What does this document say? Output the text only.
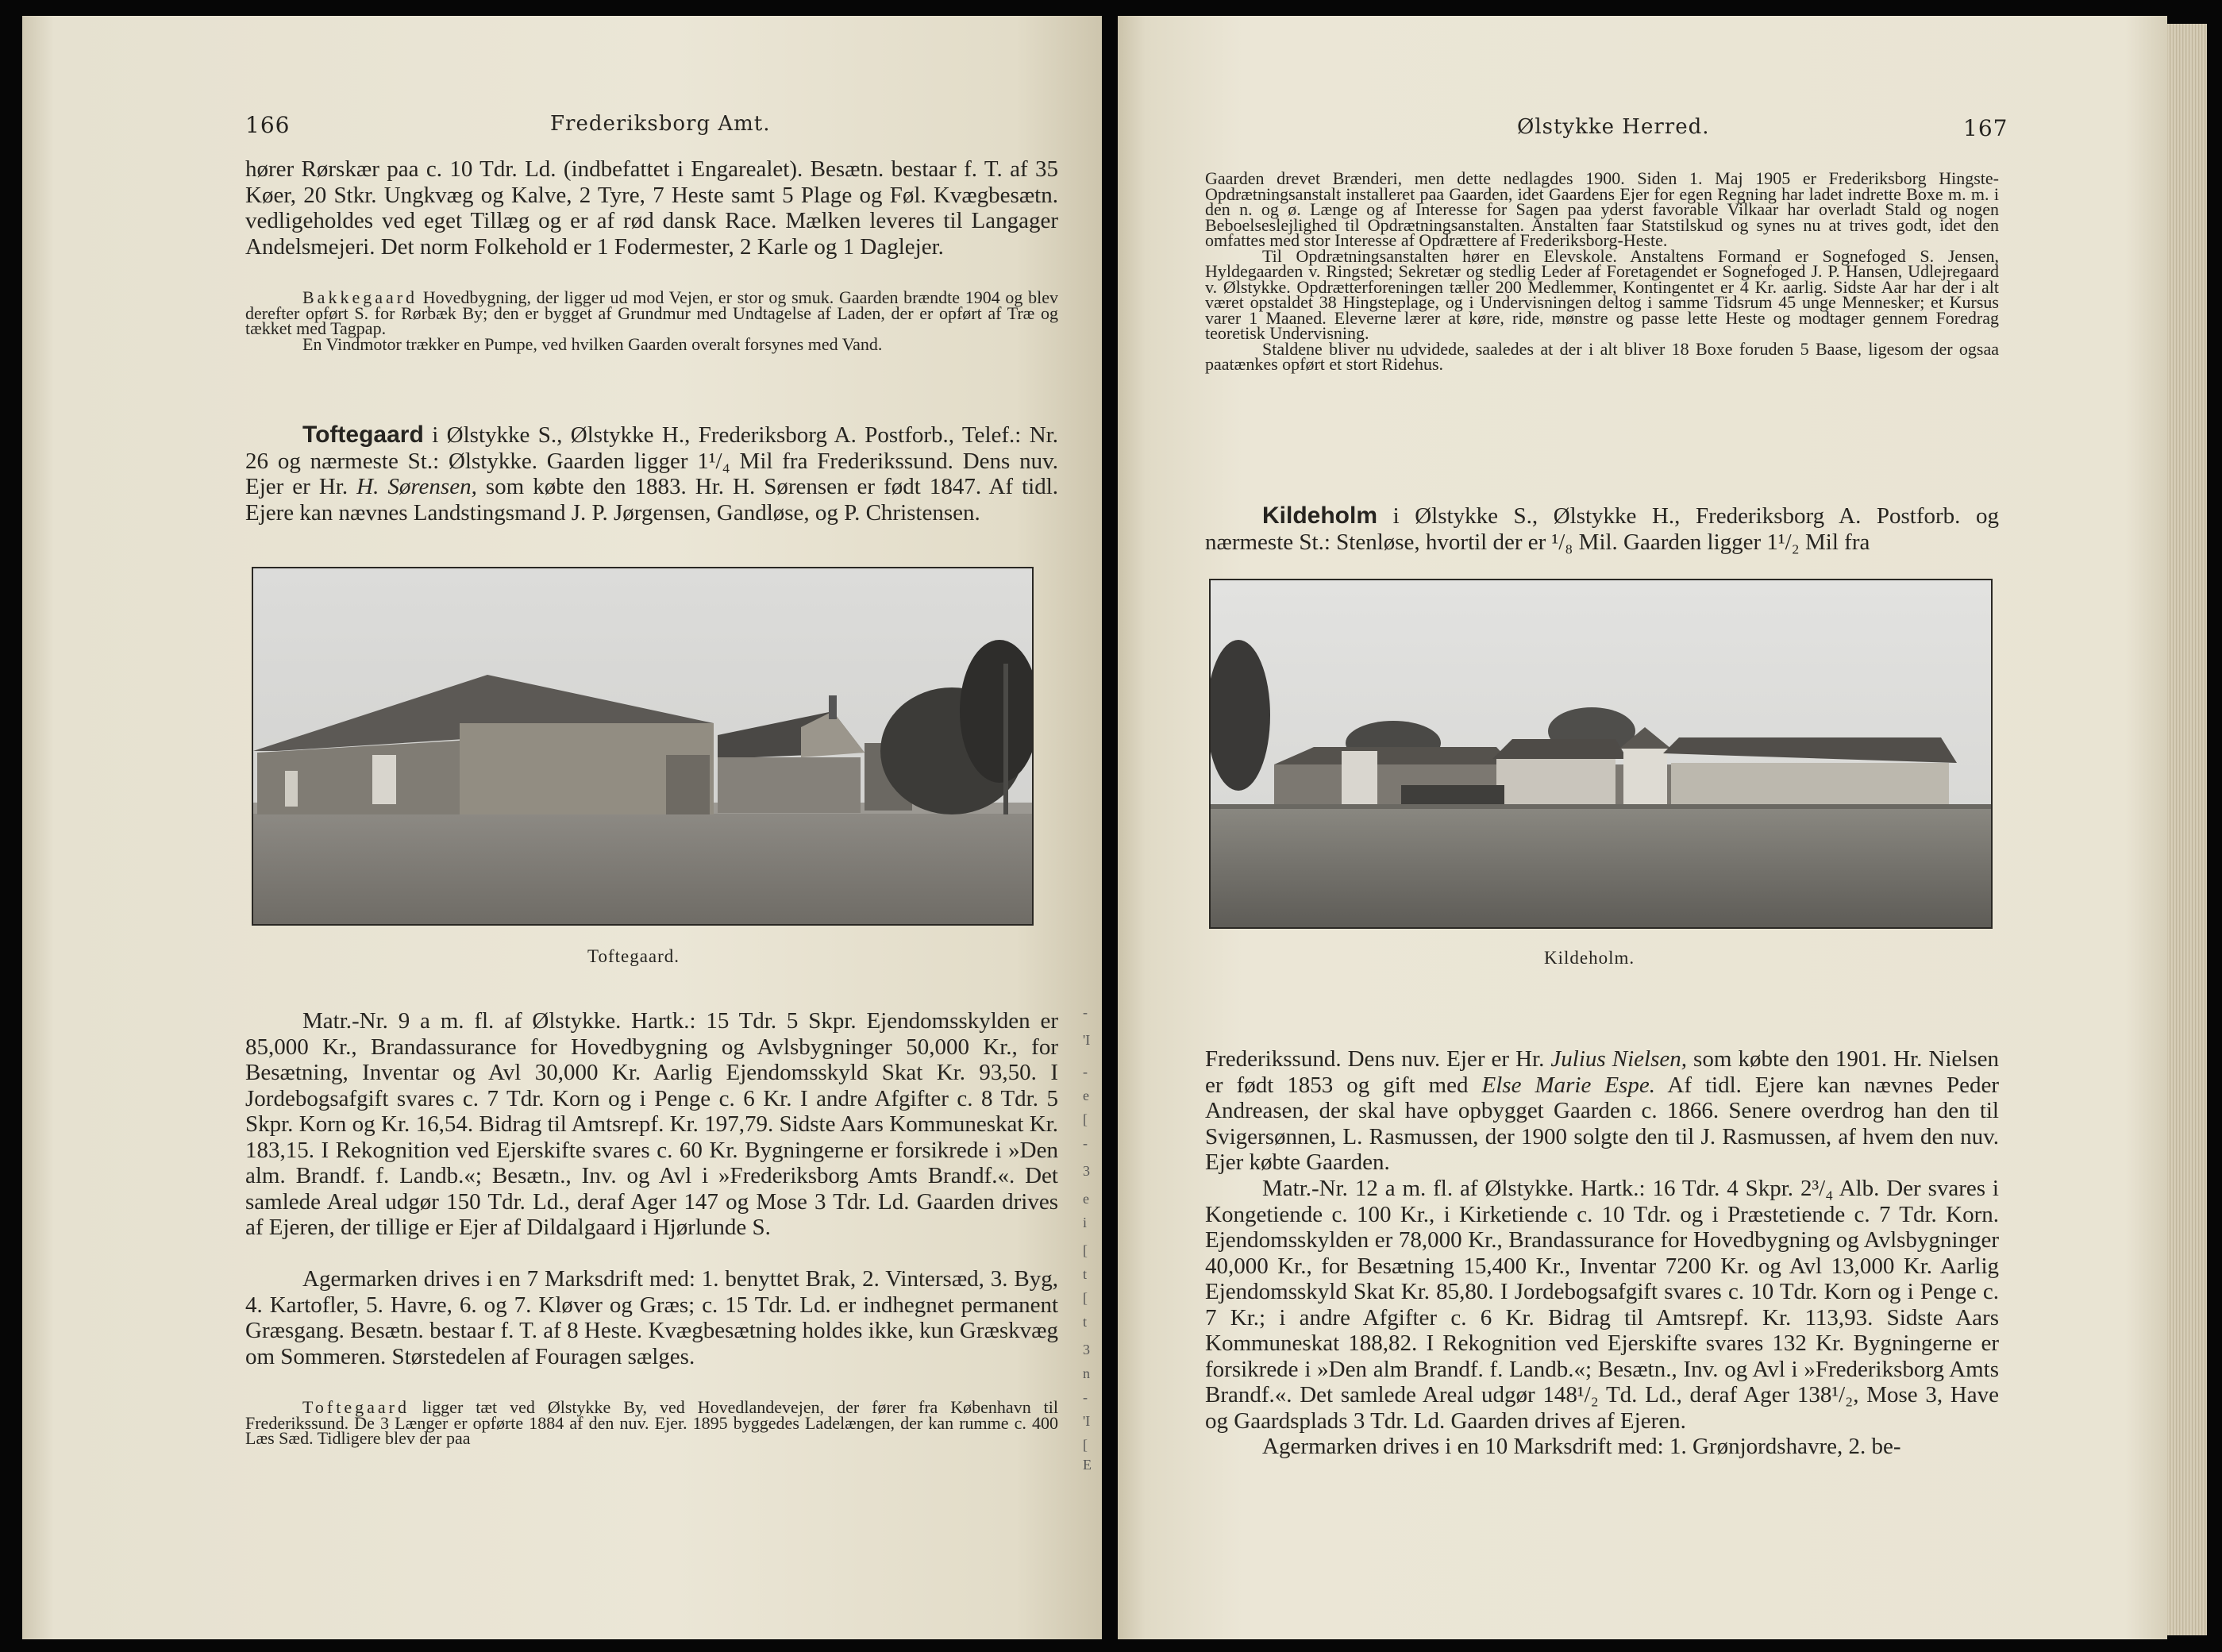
166	Frederiksborg Amt.

hører Rørskær paa c. 10 Tdr. Ld. (indbefattet i Engarealet). Besætn. bestaar f. T. af 35 Køer, 20 Stkr. Ungkvæg og Kalve, 2 Tyre, 7 Heste samt 5 Plage og Føl. Kvægbesætn. vedligeholdes ved eget Tillæg og er af rød dansk Race. Mælken leveres til Langager Andelsmejeri. Det norm Folkehold er 1 Fodermester, 2 Karle og 1 Daglejer.

Bakkegaard Hovedbygning, der ligger ud mod Vejen, er stor og smuk. Gaarden brændte 1904 og blev derefter opført S. for Rørbæk By; den er bygget af Grundmur med Undtagelse af Laden, der er opført af Træ og tækket med Tagpap.

En Vindmotor trækker en Pumpe, ved hvilken Gaarden overalt forsynes med Vand.

Toftegaard i Ølstykke S., Ølstykke H., Frederiksborg A. Postforb., Telef.: Nr. 26 og nærmeste St.: Ølstykke. Gaarden ligger 1¹/₄ Mil fra Frederikssund. Dens nuv. Ejer er Hr. H. Sørensen, som købte den 1883. Hr. H. Sørensen er født 1847. Af tidl. Ejere kan nævnes Landstingsmand J. P. Jørgensen, Gandløse, og P. Christensen.

Toftegaard.

Matr.-Nr. 9 a m. fl. af Ølstykke. Hartk.: 15 Tdr. 5 Skpr. Ejendomsskylden er 85,000 Kr., Brandassurance for Hovedbygning og Avlsbygninger 50,000 Kr., for Besætning, Inventar og Avl 30,000 Kr. Aarlig Ejendomsskyld Skat Kr. 93,50. I Jordebogsafgift svares c. 7 Tdr. Korn og i Penge c. 6 Kr. I andre Afgifter c. 8 Tdr. 5 Skpr. Korn og Kr. 16,54. Bidrag til Amtsrepf. Kr. 197,79. Sidste Aars Kommuneskat Kr. 183,15. I Rekognition ved Ejerskifte svares c. 60 Kr. Bygningerne er forsikrede i »Den alm. Brandf. f. Landb.«; Besætn., Inv. og Avl i »Frederiksborg Amts Brandf.«. Det samlede Areal udgør 150 Tdr. Ld., deraf Ager 147 og Mose 3 Tdr. Ld. Gaarden drives af Ejeren, der tillige er Ejer af Dildalgaard i Hjørlunde S.

Agermarken drives i en 7 Marksdrift med: 1. benyttet Brak, 2. Vintersæd, 3. Byg, 4. Kartofler, 5. Havre, 6. og 7. Kløver og Græs; c. 15 Tdr. Ld. er indhegnet permanent Græsgang. Besætn. bestaar f. T. af 8 Heste. Kvægbesætning holdes ikke, kun Græskvæg om Sommeren. Størstedelen af Fouragen sælges.

Toftegaard ligger tæt ved Ølstykke By, ved Hovedlandevejen, der fører fra København til Frederikssund. De 3 Længer er opførte 1884 af den nuv. Ejer. 1895 byggedes Ladelængen, der kan rumme c. 400 Læs Sæd. Tidligere blev der paa

-
'I
-
e
[
-
3
e
i
[
t
[
t
3
n
-
'I
[
E
Ølstykke Herred.	167

Gaarden drevet Brænderi, men dette nedlagdes 1900. Siden 1. Maj 1905 er Frederiksborg Hingste-Opdrætningsanstalt installeret paa Gaarden, idet Gaardens Ejer for egen Regning har ladet indrette Boxe m. m. i den n. og ø. Længe og af Interesse for Sagen paa yderst favorable Vilkaar har overladt Stald og nogen Beboelseslejlighed til Opdrætningsanstalten. Anstalten faar Statstilskud og synes nu at trives godt, idet den omfattes med stor Interesse af Opdrættere af Frederiksborg-Heste.

Til Opdrætningsanstalten hører en Elevskole. Anstaltens Formand er Sognefoged S. Jensen, Hyldegaarden v. Ringsted; Sekretær og stedlig Leder af Foretagendet er Sognefoged J. P. Hansen, Udlejregaard v. Ølstykke. Opdrætterforeningen tæller 200 Medlemmer, Kontingentet er 4 Kr. aarlig. Sidste Aar har der i alt været opstaldet 38 Hingsteplage, og i Undervisningen deltog i samme Tidsrum 45 unge Mennesker; et Kursus varer 1 Maaned. Eleverne lærer at køre, ride, mønstre og passe lette Heste og modtager gennem Foredrag teoretisk Undervisning.

Staldene bliver nu udvidede, saaledes at der i alt bliver 18 Boxe foruden 5 Baase, ligesom der ogsaa paatænkes opført et stort Ridehus.

Kildeholm i Ølstykke S., Ølstykke H., Frederiksborg A. Postforb. og nærmeste St.: Stenløse, hvortil der er ¹/₈ Mil. Gaarden ligger 1¹/₂ Mil fra

Kildeholm.

Frederikssund. Dens nuv. Ejer er Hr. Julius Nielsen, som købte den 1901. Hr. Nielsen er født 1853 og gift med Else Marie Espe. Af tidl. Ejere kan nævnes Peder Andreasen, der skal have opbygget Gaarden c. 1866. Senere overdrog han den til Svigersønnen, L. Rasmussen, der 1900 solgte den til J. Rasmussen, af hvem den nuv. Ejer købte Gaarden.

Matr.-Nr. 12 a m. fl. af Ølstykke. Hartk.: 16 Tdr. 4 Skpr. 2³/₄ Alb. Der svares i Kongetiende c. 100 Kr., i Kirketiende c. 10 Tdr. og i Præstetiende c. 7 Tdr. Korn. Ejendomsskylden er 78,000 Kr., Brandassurance for Hovedbygning og Avlsbygninger 40,000 Kr., for Besætning 15,400 Kr., Inventar 7200 Kr. og Avl 13,000 Kr. Aarlig Ejendomsskyld Skat Kr. 85,80. I Jordebogsafgift svares c. 10 Tdr. Korn og i Penge c. 7 Kr.; i andre Afgifter c. 6 Kr. Bidrag til Amtsrepf. Kr. 113,93. Sidste Aars Kommuneskat 188,82. I Rekognition ved Ejerskifte svares 132 Kr. Bygningerne er forsikrede i »Den alm Brandf. f. Landb.«; Besætn., Inv. og Avl i »Frederiksborg Amts Brandf.«. Det samlede Areal udgør 148¹/₂ Td. Ld., deraf Ager 138¹/₂, Mose 3, Have og Gaardsplads 3 Tdr. Ld. Gaarden drives af Ejeren.

Agermarken drives i en 10 Marksdrift med: 1. Grønjordshavre, 2. be-
